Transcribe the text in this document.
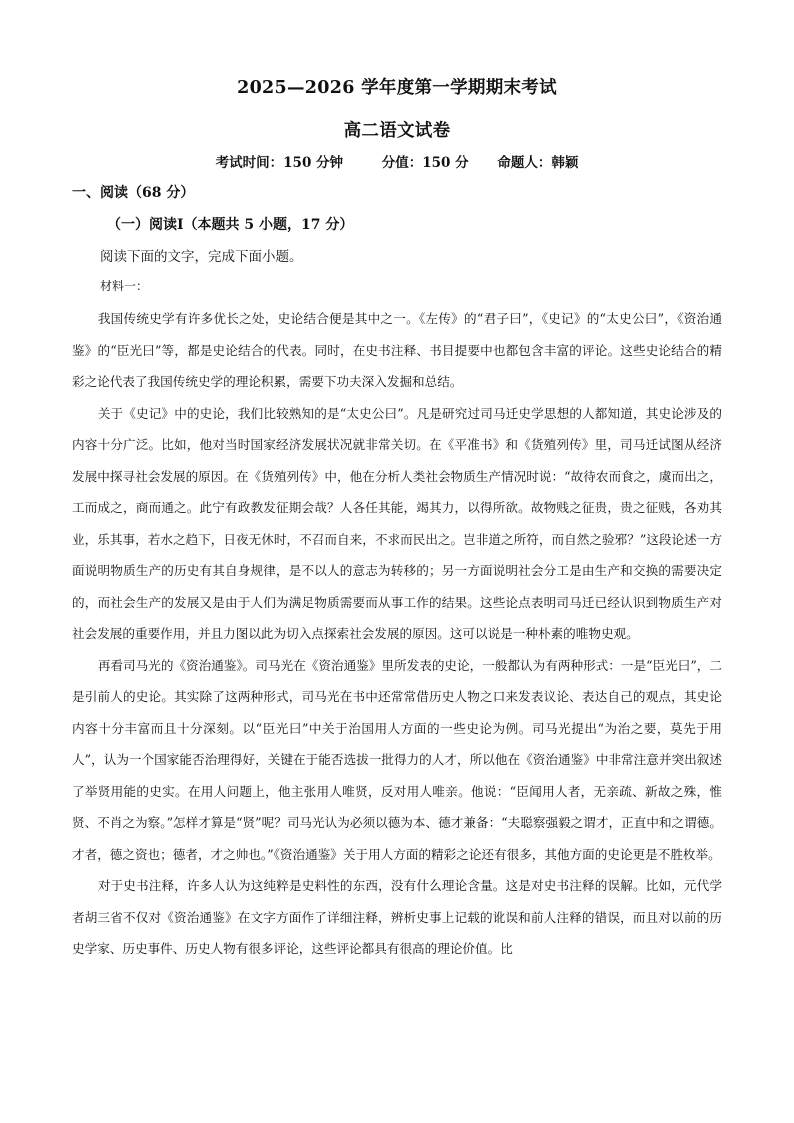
2025—2026 学年度第一学期期末考试
高二语文试卷
考试时间：150 分钟	分值：150 分 命题人：韩颖
一、阅读（68 分）
（一）阅读Ⅰ（本题共 5 小题，17 分）
阅读下面的文字，完成下面小题。
材料一：

我国传统史学有许多优长之处，史论结合便是其中之一。《左传》的“君子曰”，《史记》的“太史公曰”，《资治通鉴》的“臣光曰”等，都是史论结合的代表。同时，在史书注释、书目提要中也都包含丰富的评论。这些史论结合的精彩之论代表了我国传统史学的理论积累，需要下功夫深入发掘和总结。

关于《史记》中的史论，我们比较熟知的是“太史公曰”。凡是研究过司马迁史学思想的人都知道，其史论涉及的内容十分广泛。比如，他对当时国家经济发展状况就非常关切。在《平准书》和《货殖列传》里，司马迁试图从经济发展中探寻社会发展的原因。在《货殖列传》中，他在分析人类社会物质生产情况时说：“故待农而食之，虞而出之，工而成之，商而通之。此宁有政教发征期会哉？人各任其能，竭其力，以得所欲。故物贱之征贵，贵之征贱，各劝其业，乐其事，若水之趋下，日夜无休时，不召而自来，不求而民出之。岂非道之所符，而自然之验邪？”这段论述一方面说明物质生产的历史有其自身规律，是不以人的意志为转移的；另一方面说明社会分工是由生产和交换的需要决定的，而社会生产的发展又是由于人们为满足物质需要而从事工作的结果。这些论点表明司马迁已经认识到物质生产对社会发展的重要作用，并且力图以此为切入点探索社会发展的原因。这可以说是一种朴素的唯物史观。

再看司马光的《资治通鉴》。司马光在《资治通鉴》里所发表的史论，一般都认为有两种形式：一是“臣光曰”，二是引前人的史论。其实除了这两种形式，司马光在书中还常常借历史人物之口来发表议论、表达自己的观点，其史论内容十分丰富而且十分深刻。以“臣光曰”中关于治国用人方面的一些史论为例。司马光提出“为治之要，莫先于用人”，认为一个国家能否治理得好，关键在于能否选拔一批得力的人才，所以他在《资治通鉴》中非常注意并突出叙述了举贤用能的史实。在用人问题上，他主张用人唯贤，反对用人唯亲。他说：“臣闻用人者，无亲疏、新故之殊，惟贤、不肖之为察。”怎样才算是“贤”呢？司马光认为必须以德为本、德才兼备：“夫聪察强毅之谓才，正直中和之谓德。才者，德之资也；德者，才之帅也。”《资治通鉴》关于用人方面的精彩之论还有很多，其他方面的史论更是不胜枚举。

对于史书注释，许多人认为这纯粹是史料性的东西，没有什么理论含量。这是对史书注释的误解。比如，元代学者胡三省不仅对《资治通鉴》在文字方面作了详细注释，辨析史事上记载的讹误和前人注释的错误，而且对以前的历史学家、历史事件、历史人物有很多评论，这些评论都具有很高的理论价值。比
